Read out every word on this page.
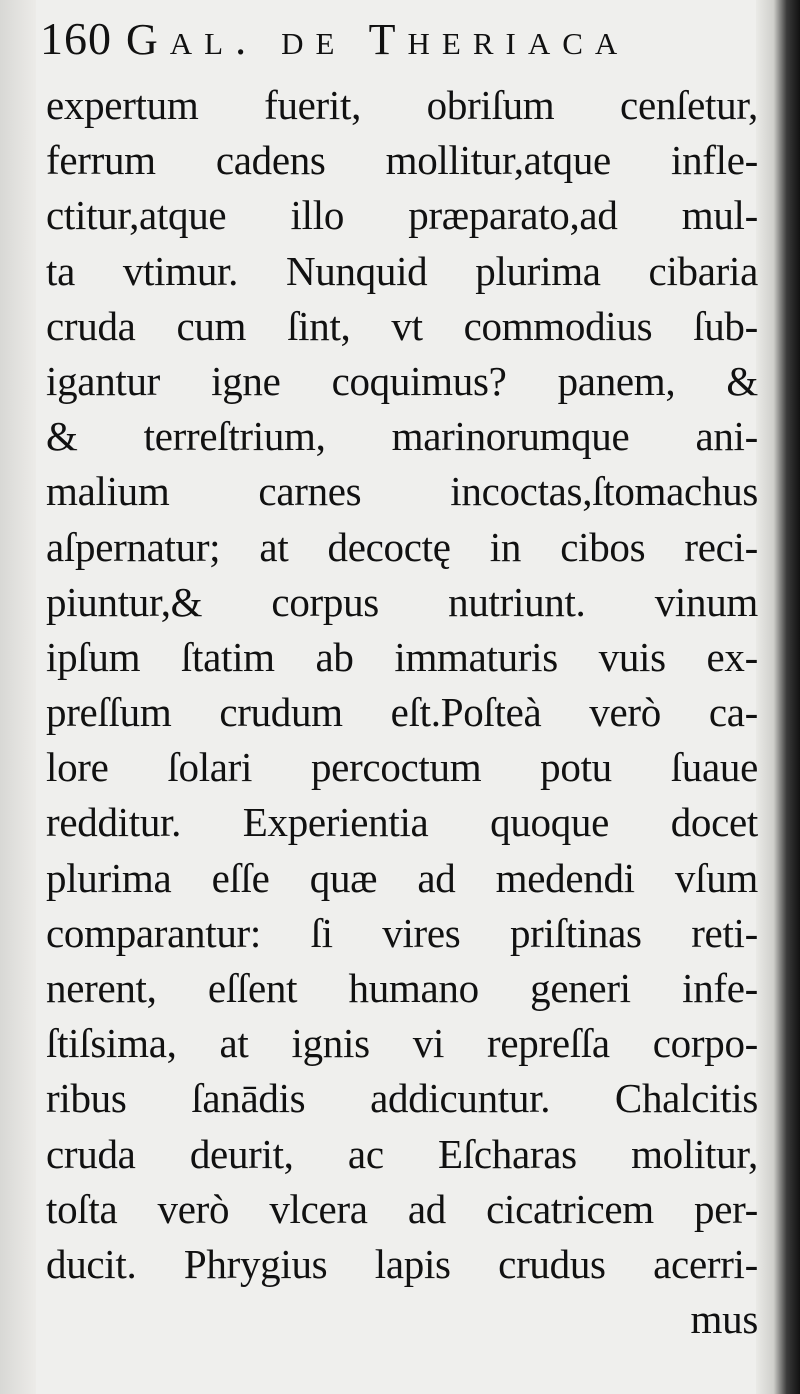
160 Gal. de Theriaca
expertum fuerit, obriſum cenſetur,
ferrum cadens mollitur,atque infle-
ctitur,atque illo præparato,ad mul-
ta vtimur. Nunquid plurima cibaria
cruda cum ſint, vt commodius ſub-
igantur igne coquimus? panem, &
& terreſtrium, marinorumque ani-
malium carnes incoctas,ſtomachus
aſpernatur; at decoctę in cibos reci-
piuntur,& corpus nutriunt. vinum
ipſum ſtatim ab immaturis vuis ex-
preſſum crudum eſt.Poſteà verò ca-
lore ſolari percoctum potu ſuaue
redditur. Experientia quoque docet
plurima eſſe quæ ad medendi vſum
comparantur: ſi vires priſtinas reti-
nerent, eſſent humano generi infe-
ſtiſsima, at ignis vi repreſſa corpo-
ribus ſanādis addicuntur. Chalcitis
cruda deurit, ac Eſcharas molitur,
toſta verò vlcera ad cicatricem per-
ducit. Phrygius lapis crudus acerri-
mus
